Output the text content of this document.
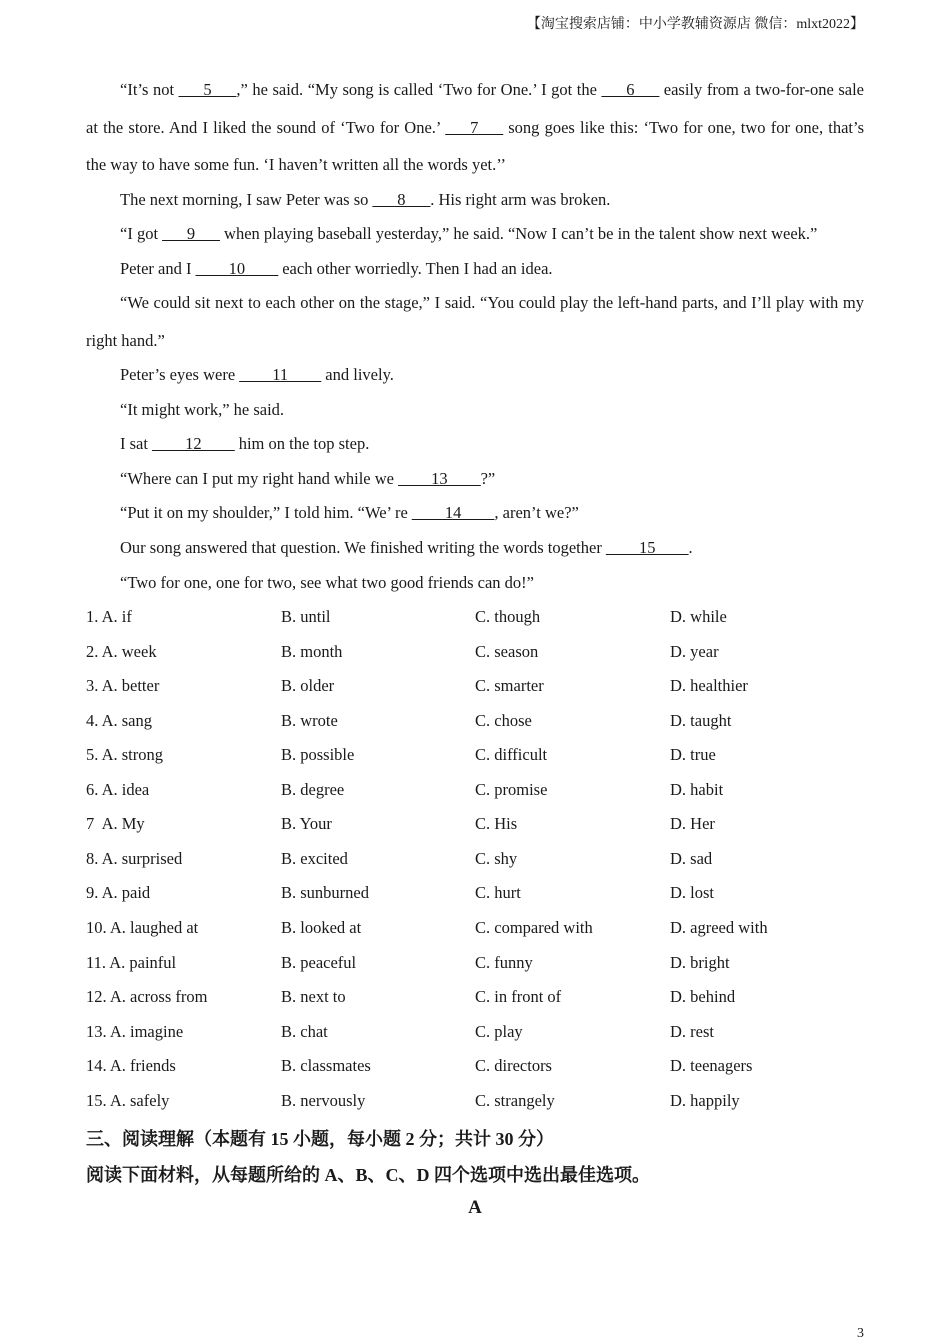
【淘宝搜索店铺：中小学教辅资源店 微信：mlxt2022】
“It’s not ___5___,” he said. “My song is called ‘Two for One.’ I got the ___6___ easily from a two-for-one sale at the store. And I liked the sound of ‘Two for One.’ ___7___ song goes like this: ‘Two for one, two for one, that’s the way to have some fun. ‘I haven’t written all the words yet.’’
The next morning, I saw Peter was so ___8___. His right arm was broken.
“I got ___9___ when playing baseball yesterday,” he said. “Now I can’t be in the talent show next week.”
Peter and I ____10____ each other worriedly. Then I had an idea.
“We could sit next to each other on the stage,” I said. “You could play the left-hand parts, and I’ll play with my right hand.”
Peter’s eyes were ____11____ and lively.
“It might work,” he said.
I sat ____12____ him on the top step.
“Where can I put my right hand while we ____13____?”
“Put it on my shoulder,” I told him. “We’ re ____14____, aren’t we?”
Our song answered that question. We finished writing the words together ____15____.
“Two for one, one for two, see what two good friends can do!”
1. A. if	B. until	C. though	D. while
2. A. week	B. month	C. season	D. year
3. A. better	B. older	C. smarter	D. healthier
4. A. sang	B. wrote	C. chose	D. taught
5. A. strong	B. possible	C. difficult	D. true
6. A. idea	B. degree	C. promise	D. habit
7  A. My	B. Your	C. His	D. Her
8. A. surprised	B. excited	C. shy	D. sad
9. A. paid	B. sunburned	C. hurt	D. lost
10. A. laughed at	B. looked at	C. compared with	D. agreed with
11. A. painful	B. peaceful	C. funny	D. bright
12. A. across from	B. next to	C. in front of	D. behind
13. A. imagine	B. chat	C. play	D. rest
14. A. friends	B. classmates	C. directors	D. teenagers
15. A. safely	B. nervously	C. strangely	D. happily
三、阅读理解（本题有 15 小题，每小题 2 分；共计 30 分）
阅读下面材料，从每题所给的 A、B、C、D 四个选项中选出最佳选项。
A
3
